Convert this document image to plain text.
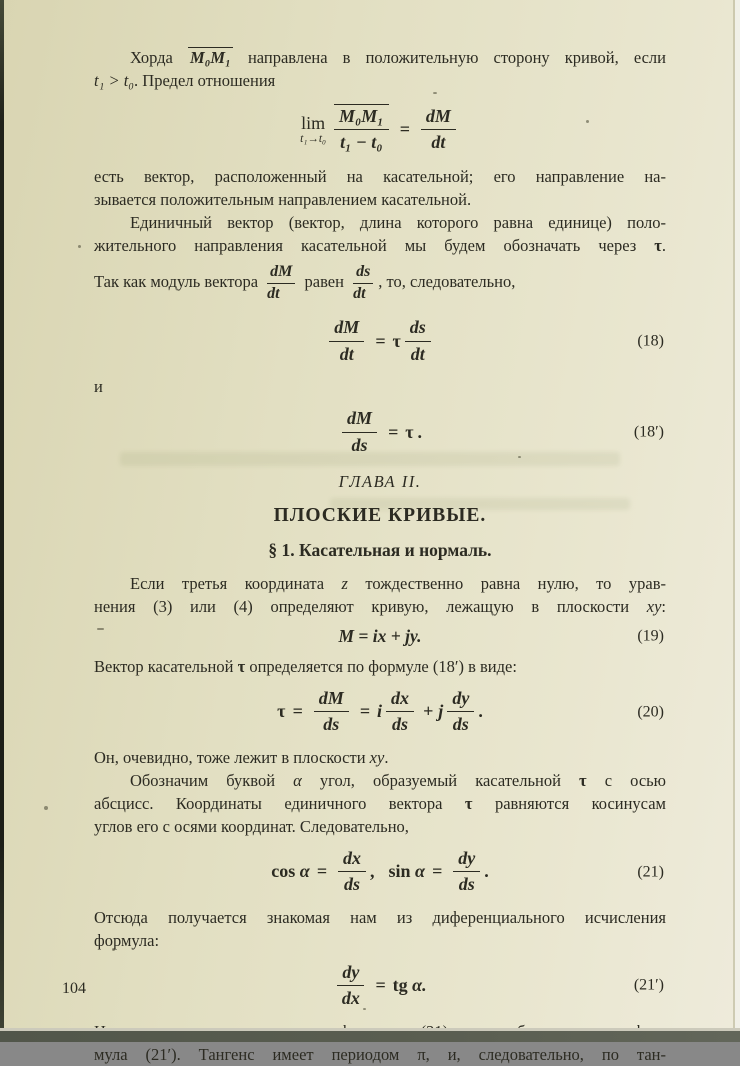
Хорда M₀M₁ направлена в положительную сторону кривой, если
t₁ > t₀. Предел отношения
lim
$t_1\to t_0 \frac{\text{M₀M₁}}{\text{t₁ − t₀}} = \frac{dM}{dt}$
есть вектор, расположенный на касательной; его направление на-
зывается положительным направлением касательной.
Единичный вектор (вектор, длина которого равна единице) поло-
жительного направления касательной мы будем обозначать через τ.
Так как модуль вектора $\frac{dM}{dt}$ равен $\frac{ds}{dt}$ , то, следовательно,
$\frac{dM}{dt} = \tau \frac{ds}{dt}$	(18)
и
$\frac{dM}{ds} = \tau$ .	(18′)
ГЛАВА II.
ПЛОСКИЕ КРИВЫЕ.
§ 1. Касательная и нормаль.
Если третья координата z тождественно равна нулю, то урав-
нения (3) или (4) определяют кривую, лежащую в плоскости xy:
M = ix + jy.	(19)
Вектор касательной τ определяется по формуле (18′) в виде:
$\tau = \frac{dM}{ds} = i \frac{dx}{ds} + j \frac{dy}{ds}$ .	(20)
Он, очевидно, тоже лежит в плоскости xy.
Обозначим буквой α угол, образуемый касательной τ с осью
абсцисс. Координаты единичного вектора τ равняются косинусам
углов его с осями координат. Следовательно,
cos
$\alpha = \frac{dx}{ds}$ , sin
$\alpha = \frac{dy}{ds}$ .	(21)
Отсюда получается знакомая нам из диференциального исчисления
формула:
$\frac{dy}{dx}$ = tg
α.	(21′)
мула (21′). Тангенс имеет периодом π, и, следовательно, по тан-
104
